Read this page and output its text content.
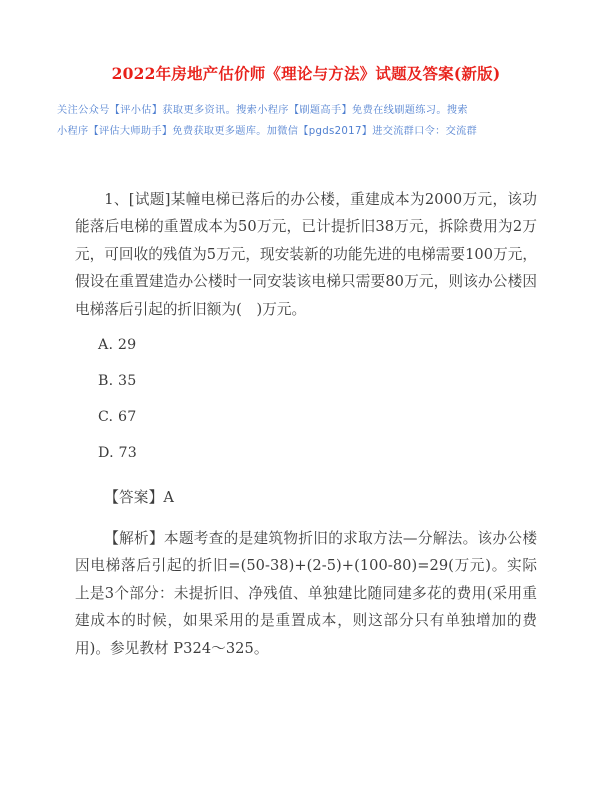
2022年房地产估价师《理论与方法》试题及答案(新版)
关注公众号【评小估】获取更多资讯。搜索小程序【刷题高手】免费在线刷题练习。搜索
小程序【评估大师助手】免费获取更多题库。加微信【pgds2017】进交流群口令：交流群

1、[试题]某幢电梯已落后的办公楼，重建成本为2000万元，该功能落后电梯的重置成本为50万元，已计提折旧38万元，拆除费用为2万元，可回收的残值为5万元，现安装新的功能先进的电梯需要100万元，假设在重置建造办公楼时一同安装该电梯只需要80万元，则该办公楼因电梯落后引起的折旧额为(　)万元。

A. 29
B. 35
C. 67
D. 73

【答案】A

【解析】本题考查的是建筑物折旧的求取方法—分解法。该办公楼因电梯落后引起的折旧=(50-38)+(2-5)+(100-80)=29(万元)。实际上是3个部分：未提折旧、净残值、单独建比随同建多花的费用(采用重建成本的时候，如果采用的是重置成本，则这部分只有单独增加的费用)。参见教材 P324～325。
